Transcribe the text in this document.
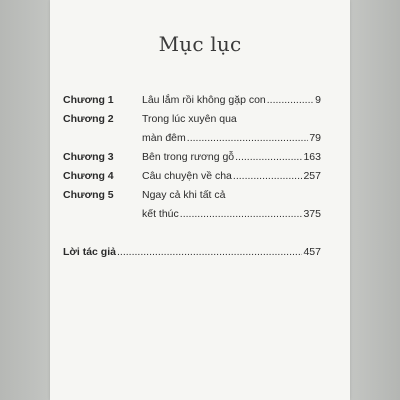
Mục lục
Chương 1	Lâu lắm rồi không gặp con .....	9
Chương 2	Trong lúc xuyên qua
màn đêm .....	79
Chương 3	Bên trong rương gỗ .....	163
Chương 4	Câu chuyện về cha .....	257
Chương 5	Ngay cả khi tất cả
kết thúc .....	375
Lời tác giả .....	457
